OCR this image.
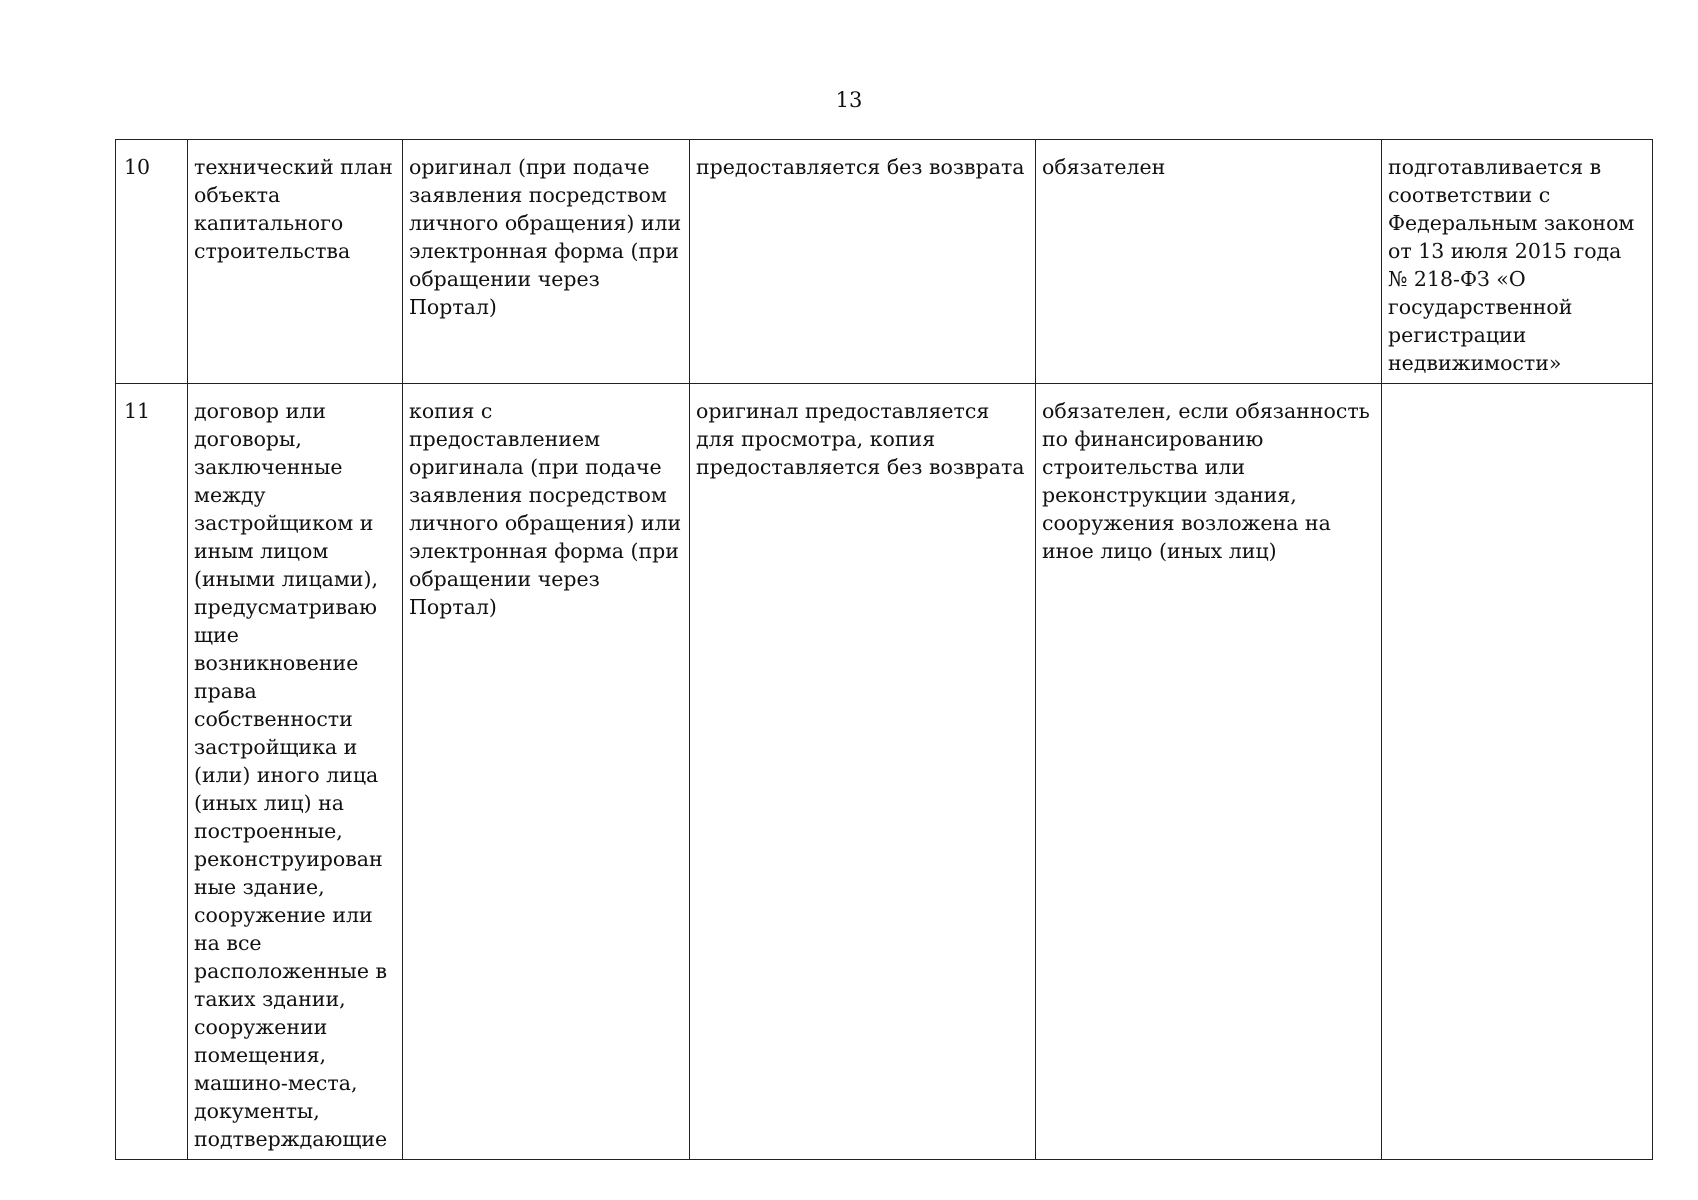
13
10	технический план объекта капитального строительства	оригинал (при подаче заявления посредством личного обращения) или электронная форма (при обращении через Портал)	предоставляется без возврата	обязателен	подготавливается в соответствии с Федеральным законом от 13 июля 2015 года № 218-ФЗ «О государственной регистрации недвижимости»
11	договор или договоры, заключенные между застройщиком и иным лицом (иными лицами), предусматривающие возникновение права собственности застройщика и (или) иного лица (иных лиц) на построенные, реконструированные здание, сооружение или на все расположенные в таких здании, сооружении помещения, машино-места, документы, подтверждающие	копия с предоставлением оригинала (при подаче заявления посредством личного обращения) или электронная форма (при обращении через Портал)	оригинал предоставляется для просмотра, копия предоставляется без возврата	обязателен, если обязанность по финансированию строительства или реконструкции здания, сооружения возложена на иное лицо (иных лиц)	
